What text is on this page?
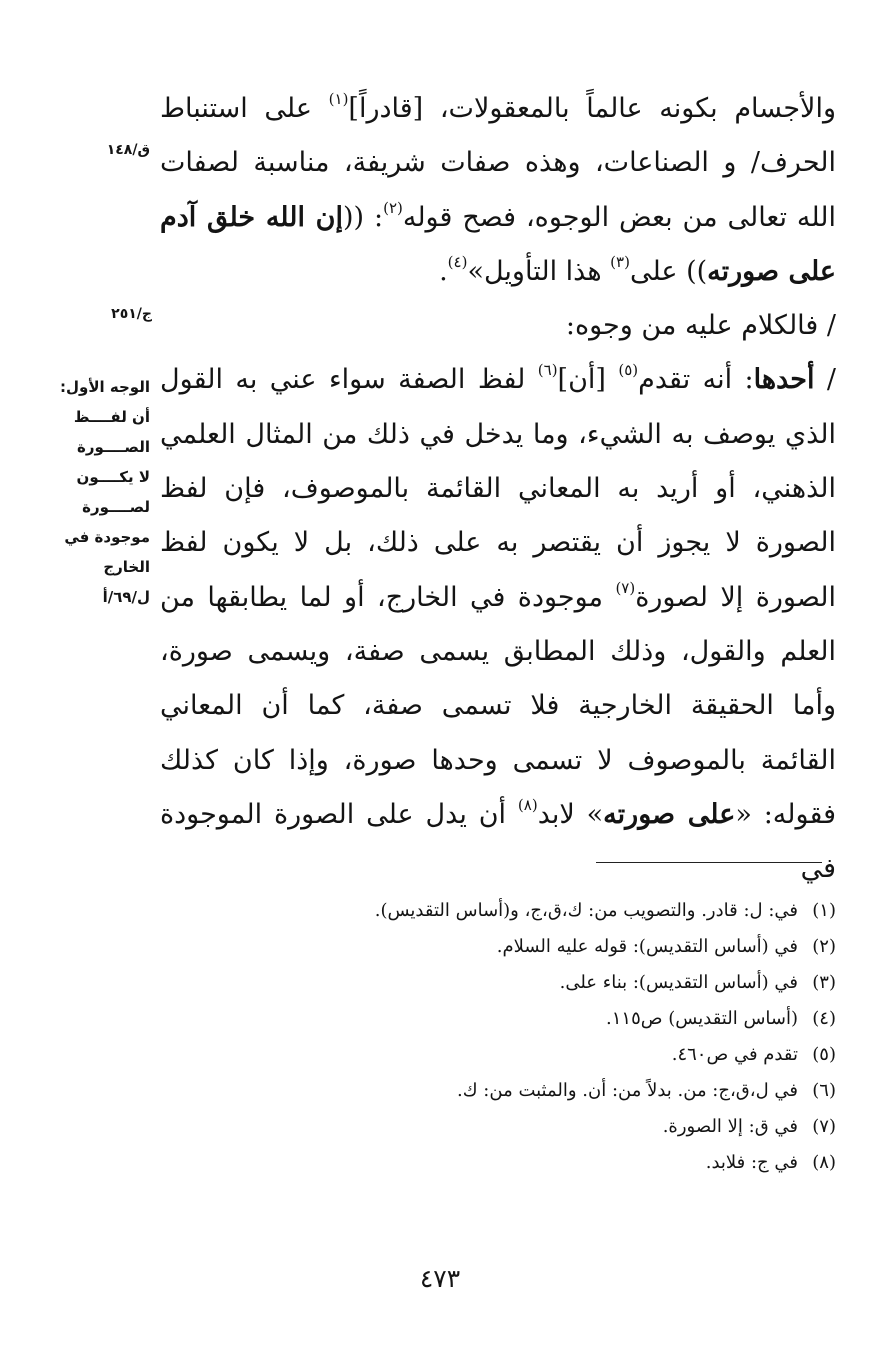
والأجسام بكونه عالماً بالمعقولات، [قادراً]$^{(١)}$ على استنباط الحرف/ و الصناعات، وهذه صفات شريفة، مناسبة لصفات الله تعالى من بعض الوجوه، فصح قوله$^{(٢)}$: ((إن الله خلق آدم على صورته)) على$^{(٣)}$ هذا التأويل»$^{(٤)}$.

/ فالكلام عليه من وجوه:

/ أحدها: أنه تقدم$^{(٥)}$ [أن]$^{(٦)}$ لفظ الصفة سواء عني به القول الذي يوصف به الشيء، وما يدخل في ذلك من المثال العلمي الذهني، أو أريد به المعاني القائمة بالموصوف، فإن لفظ الصورة لا يجوز أن يقتصر به على ذلك، بل لا يكون لفظ الصورة إلا لصورة$^{(٧)}$ موجودة في الخارج، أو لما يطابقها من العلم والقول، وذلك المطابق يسمى صفة، ويسمى صورة، وأما الحقيقة الخارجية فلا تسمى صفة، كما أن المعاني القائمة بالموصوف لا تسمى وحدها صورة، وإذا كان كذلك فقوله: «على صورته» لابد$^{(٨)}$ أن يدل على الصورة الموجودة في

ق/١٤٨
ج/٢٥١
الوجه الأول:
أن لفــــظ
الصــــورة
لا يكــــون
لصــــورة
موجودة في
الخارج
ل/٦٩/أ
(١)في: ل: قادر. والتصويب من: ك،ق،ج، و(أساس التقديس).
(٢)في (أساس التقديس): قوله عليه السلام.
(٣)في (أساس التقديس): بناء على.
(٤)(أساس التقديس) ص١١٥.
(٥)تقدم في ص٤٦٠.
(٦)في ل،ق،ج: من. بدلاً من: أن. والمثبت من: ك.
(٧)في ق: إلا الصورة.
(٨)في ج: فلابد.
٤٧٣
